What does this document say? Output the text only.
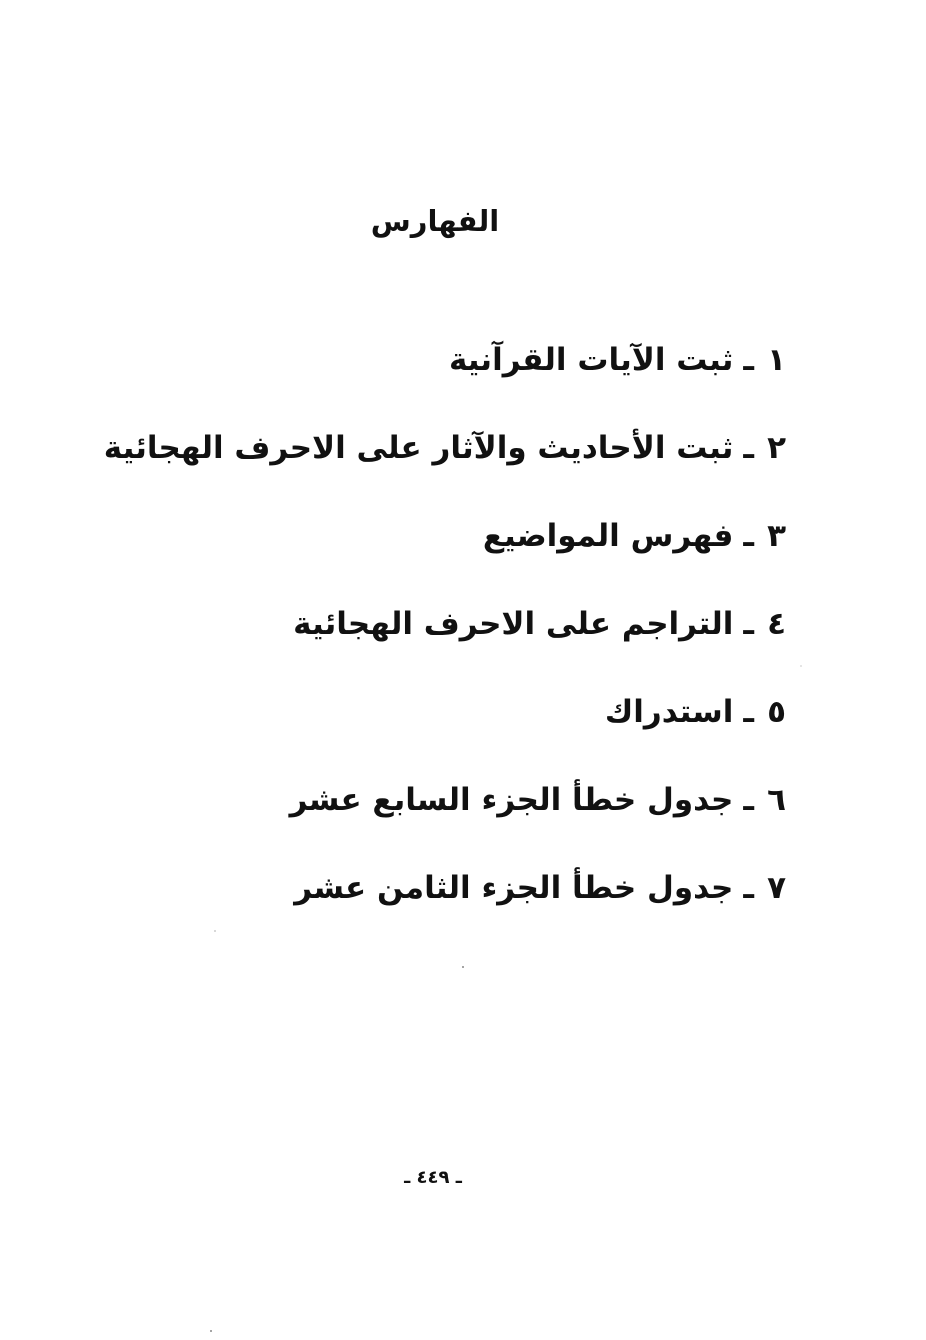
الفهارس
١ـثبت الآيات القرآنية
٢ـثبت الأحاديث والآثار على الاحرف الهجائية
٣ـفهرس المواضيع
٤ـالتراجم على الاحرف الهجائية
٥ـاستدراك
٦ـجدول خطأ الجزء السابع عشر
٧ـجدول خطأ الجزء الثامن عشر
ـ ٤٤٩ ـ
